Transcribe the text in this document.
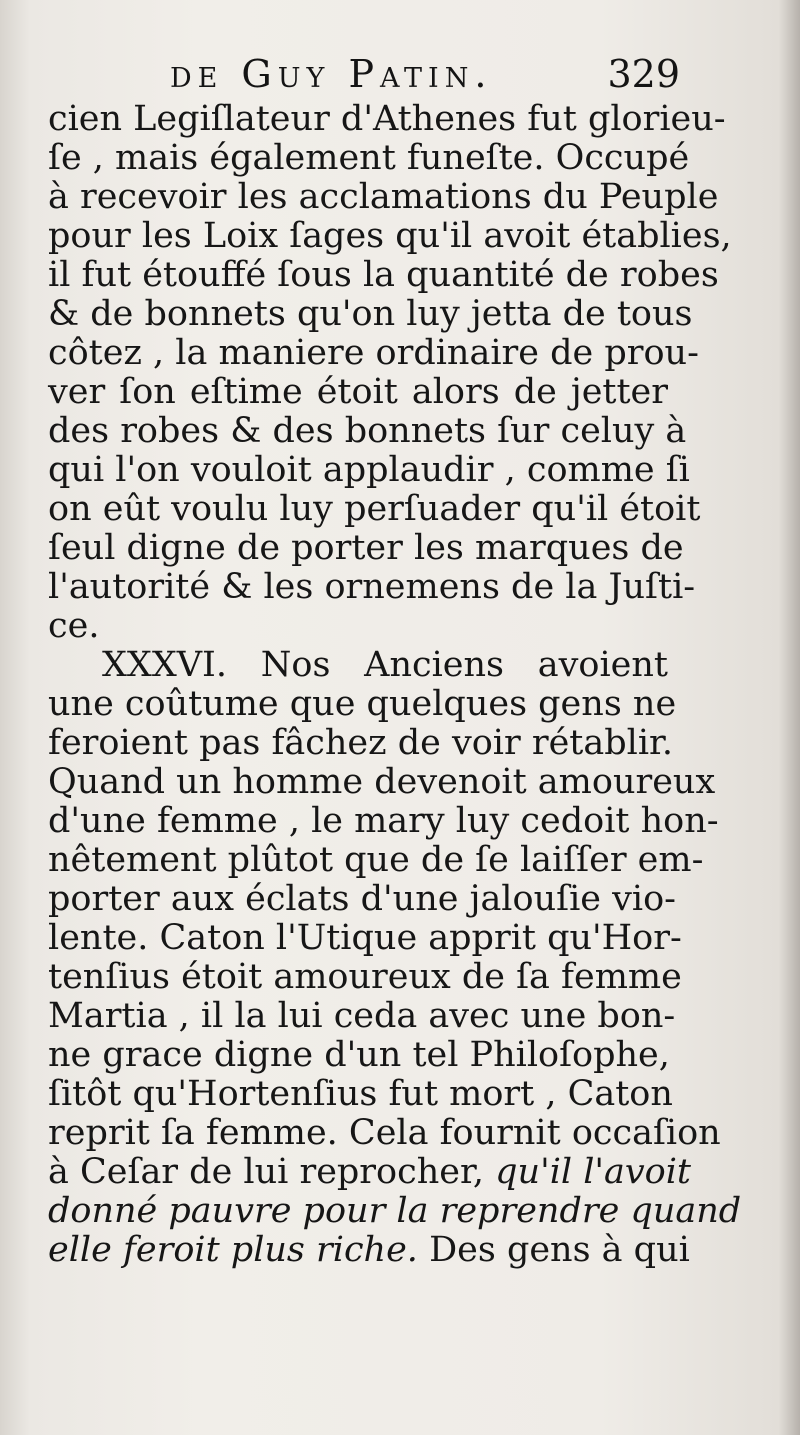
de Guy Patin.	329
cien Legiſlateur d'Athenes fut glorieu-
ſe , mais également funeſte. Occupé
à recevoir les acclamations du Peuple
pour les Loix ſages qu'il avoit établies,
il fut étouffé ſous la quantité de robes
& de bonnets qu'on luy jetta de tous
côtez , la maniere ordinaire de prou-
ver ſon eſtime étoit alors de jetter
des robes & des bonnets ſur celuy à
qui l'on vouloit applaudir , comme ſi
on eût voulu luy perſuader qu'il étoit
ſeul digne de porter les marques de
l'autorité & les ornemens de la Juſti-
ce.
XXXVI. Nos Anciens avoient
une coûtume que quelques gens ne
feroient pas fâchez de voir rétablir.
Quand un homme devenoit amoureux
d'une femme , le mary luy cedoit hon-
nêtement plûtot que de ſe laiſſer em-
porter aux éclats d'une jalouſie vio-
lente. Caton l'Utique apprit qu'Hor-
tenſius étoit amoureux de ſa femme
Martia , il la lui ceda avec une bon-
ne grace digne d'un tel Philoſophe,
ſitôt qu'Hortenſius fut mort , Caton
reprit ſa femme. Cela fournit occaſion
à Ceſar de lui reprocher, qu'il l'avoit
donné pauvre pour la reprendre quand
elle feroit plus riche. Des gens à qui
